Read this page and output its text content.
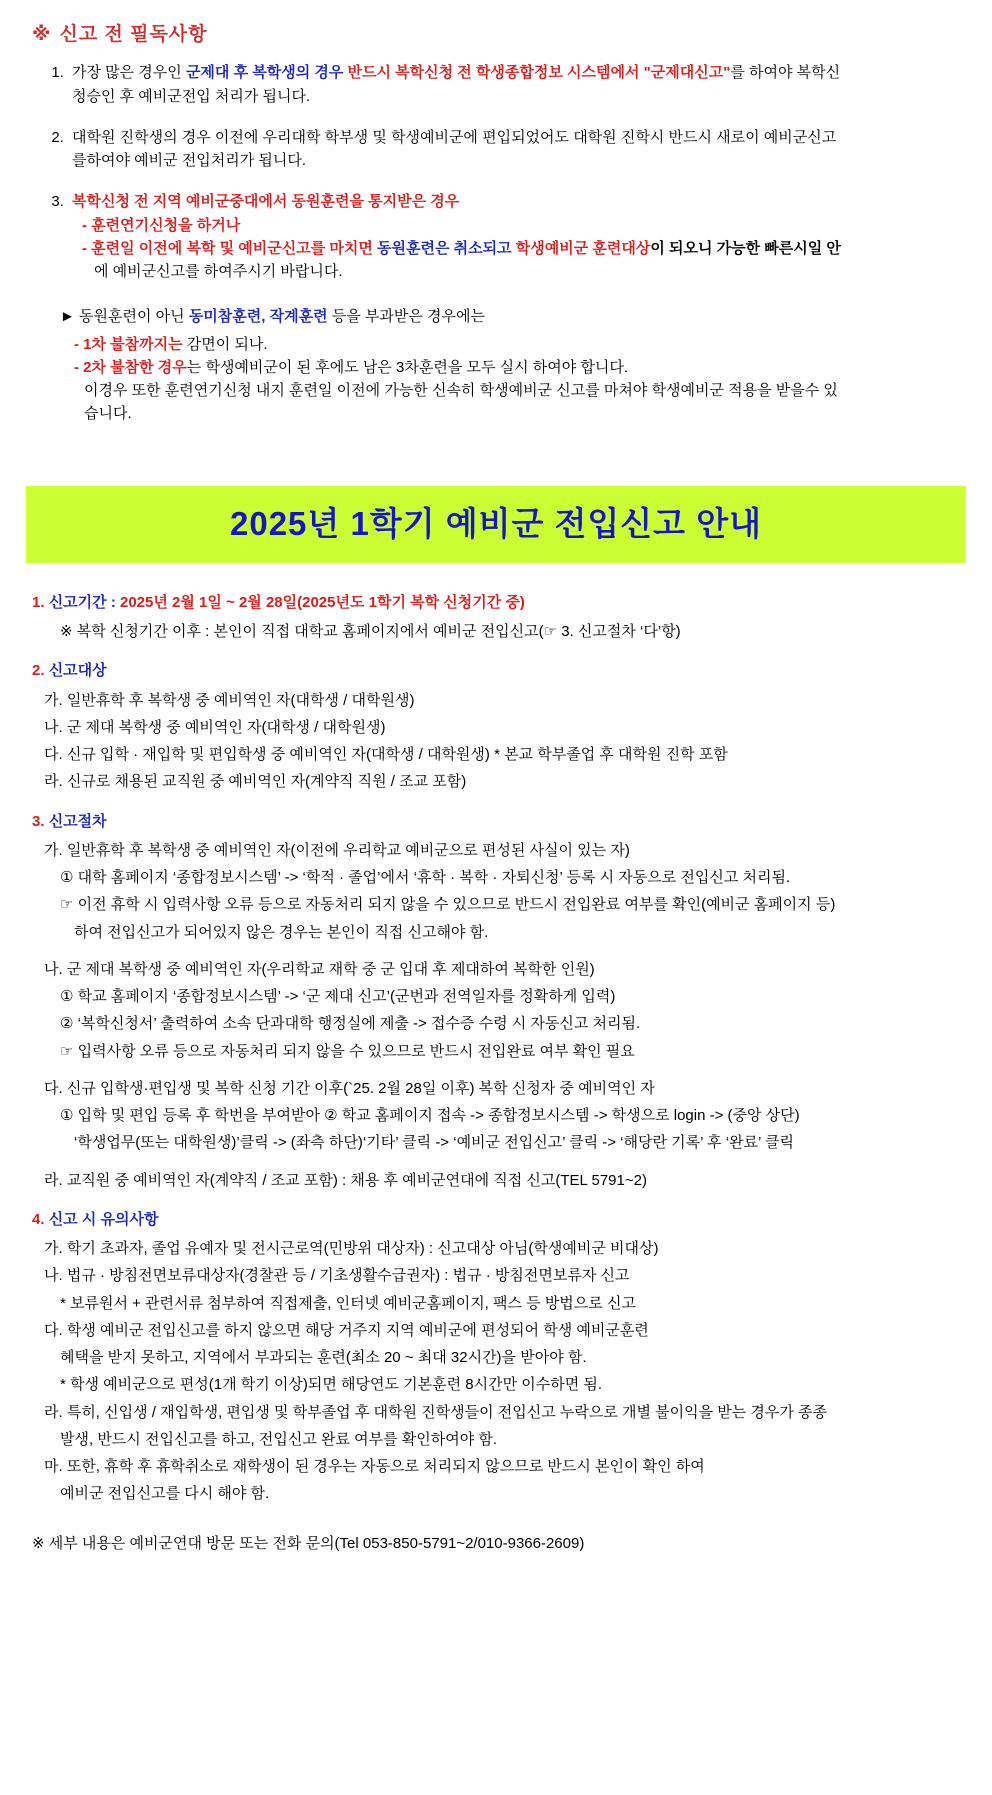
※ 신고 전 필독사항
1. 가장 많은 경우인 군제대 후 복학생의 경우 반드시 복학신청 전 학생종합정보 시스템에서 "군제대신고"를 하여야 복학신
청승인 후 예비군전입 처리가 됩니다.
2. 대학원 진학생의 경우 이전에 우리대학 학부생 및 학생예비군에 편입되었어도 대학원 진학시 반드시 새로이 예비군신고
를하여야 예비군 전입처리가 됩니다.
3. 복학신청 전 지역 예비군중대에서 동원훈련을 통지받은 경우
- 훈련연기신청을 하거나
- 훈련일 이전에 복학 및 예비군신고를 마치면 동원훈련은 취소되고 학생예비군 훈련대상이 되오니 가능한 빠른시일 안
에 예비군신고를 하여주시기 바랍니다.
► 동원훈련이 아닌 동미참훈련, 작계훈련 등을 부과받은 경우에는
- 1차 불참까지는 감면이 되나.
- 2차 불참한 경우는 학생예비군이 된 후에도 남은 3차훈련을 모두 실시 하여야 합니다.
이경우 또한 훈련연기신청 내지 훈련일 이전에 가능한 신속히 학생예비군 신고를 마쳐야 학생예비군 적용을 받을수 있
습니다.
2025년 1학기 예비군 전입신고 안내
1. 신고기간 : 2025년 2월 1일 ~ 2월 28일(2025년도 1학기 복학 신청기간 중)
※ 복학 신청기간 이후 : 본인이 직접 대학교 홈페이지에서 예비군 전입신고(☞ 3. 신고절차 ‘다’항)
2. 신고대상
가. 일반휴학 후 복학생 중 예비역인 자(대학생 / 대학원생)
나. 군 제대 복학생 중 예비역인 자(대학생 / 대학원생)
다. 신규 입학 · 재입학 및 편입학생 중 예비역인 자(대학생 / 대학원생) * 본교 학부졸업 후 대학원 진학 포함
라. 신규로 채용된 교직원 중 예비역인 자(계약직 직원 / 조교 포함)
3. 신고절차
가. 일반휴학 후 복학생 중 예비역인 자(이전에 우리학교 예비군으로 편성된 사실이 있는 자)
① 대학 홈페이지 ‘종합정보시스템’ -> ‘학적 · 졸업’에서 ‘휴학 · 복학 · 자퇴신청’ 등록 시 자동으로 전입신고 처리됨.
☞ 이전 휴학 시 입력사항 오류 등으로 자동처리 되지 않을 수 있으므로 반드시 전입완료 여부를 확인(예비군 홈페이지 등)
하여 전입신고가 되어있지 않은 경우는 본인이 직접 신고해야 함.
나. 군 제대 복학생 중 예비역인 자(우리학교 재학 중 군 입대 후 제대하여 복학한 인원)
① 학교 홈페이지 ‘종합정보시스템’ -> ‘군 제대 신고’(군번과 전역일자를 정확하게 입력)
② ‘복학신청서’ 출력하여 소속 단과대학 행정실에 제출 -> 접수증 수령 시 자동신고 처리됨.
☞ 입력사항 오류 등으로 자동처리 되지 않을 수 있으므로 반드시 전입완료 여부 확인 필요
다. 신규 입학생·편입생 및 복학 신청 기간 이후(`25. 2월 28일 이후) 복학 신청자 중 예비역인 자
① 입학 및 편입 등록 후 학번을 부여받아 ② 학교 홈페이지 접속 -> 종합정보시스템 -> 학생으로 login -> (중앙 상단)
‘학생업무(또는 대학원생)’클릭 -> (좌측 하단)‘기타’ 클릭 -> ‘예비군 전입신고’ 클릭 -> ‘해당란 기록’ 후 ‘완료’ 클릭
라. 교직원 중 예비역인 자(계약직 / 조교 포함) : 채용 후 예비군연대에 직접 신고(TEL 5791~2)
4. 신고 시 유의사항
가. 학기 초과자, 졸업 유예자 및 전시근로역(민방위 대상자) : 신고대상 아님(학생예비군 비대상)
나. 법규 · 방침전면보류대상자(경찰관 등 / 기초생활수급권자) : 법규 · 방침전면보류자 신고
* 보류원서 + 관련서류 첨부하여 직접제출, 인터넷 예비군홈페이지, 팩스 등 방법으로 신고
다. 학생 예비군 전입신고를 하지 않으면 해당 거주지 지역 예비군에 편성되어 학생 예비군훈련
혜택을 받지 못하고, 지역에서 부과되는 훈련(최소 20 ~ 최대 32시간)을 받아야 함.
* 학생 예비군으로 편성(1개 학기 이상)되면 해당연도 기본훈련 8시간만 이수하면 됨.
라. 특히, 신입생 / 재입학생, 편입생 및 학부졸업 후 대학원 진학생들이 전입신고 누락으로 개별 불이익을 받는 경우가 종종
발생, 반드시 전입신고를 하고, 전입신고 완료 여부를 확인하여야 함.
마. 또한, 휴학 후 휴학취소로 재학생이 된 경우는 자동으로 처리되지 않으므로 반드시 본인이 확인 하여
예비군 전입신고를 다시 해야 함.
※ 세부 내용은 예비군연대 방문 또는 전화 문의(Tel 053-850-5791~2/010-9366-2609)
